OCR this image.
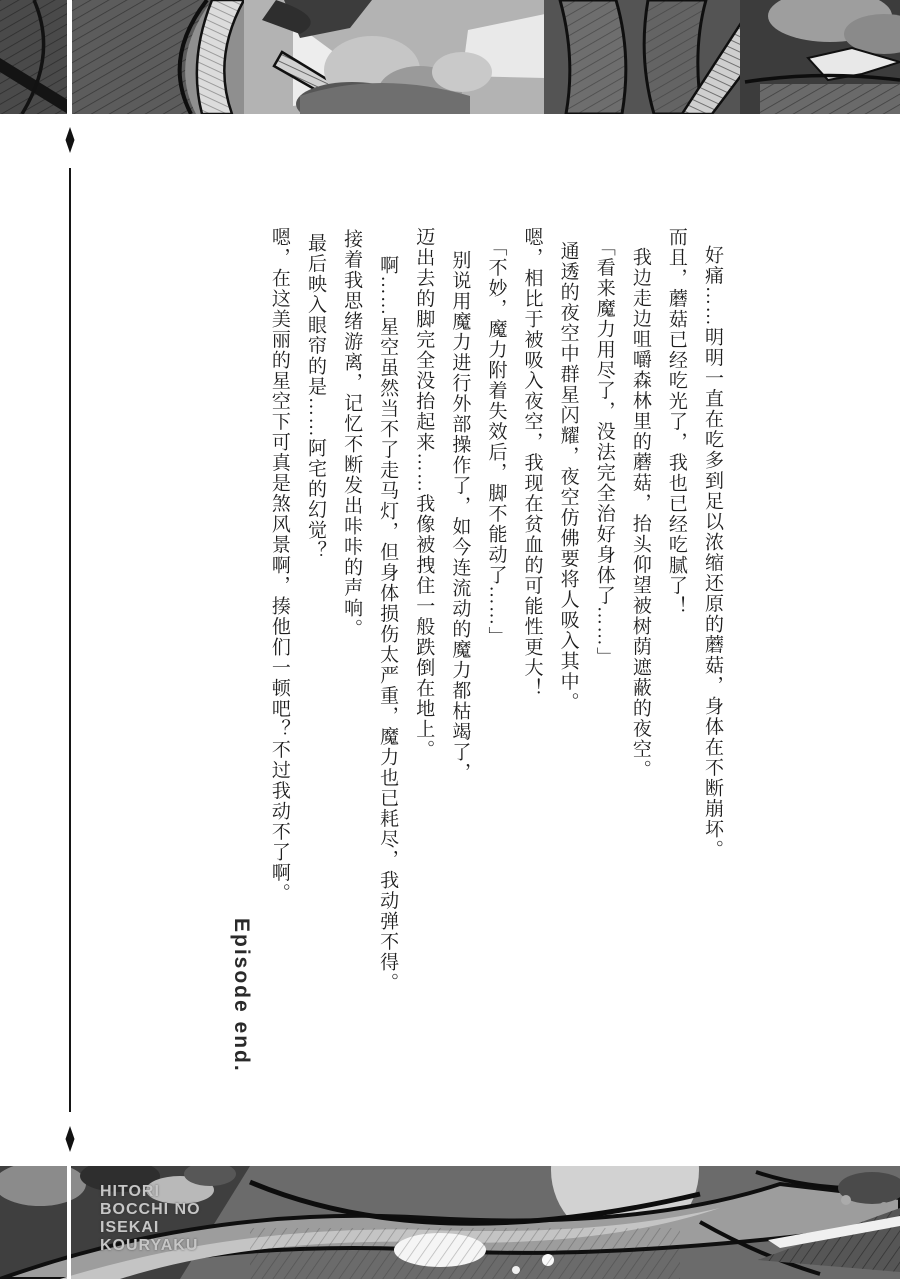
好痛……明明一直在吃多到足以浓缩还原的蘑菇，身体在不断崩坏。

而且，蘑菇已经吃光了，我也已经吃腻了！

我边走边咀嚼森林里的蘑菇，抬头仰望被树荫遮蔽的夜空。

「看来魔力用尽了，没法完全治好身体了……」

通透的夜空中群星闪耀，夜空仿佛要将人吸入其中。

嗯，相比于被吸入夜空，我现在贫血的可能性更大！

「不妙，魔力附着失效后，脚不能动了……」

别说用魔力进行外部操作了，如今连流动的魔力都枯竭了，

迈出去的脚完全没抬起来……我像被拽住一般跌倒在地上。

啊……星空虽然当不了走马灯，但身体损伤太严重，魔力也已耗尽，我动弹不得。

接着我思绪游离，记忆不断发出咔咔的声响。

最后映入眼帘的是……阿宅的幻觉？

嗯，在这美丽的星空下可真是煞风景啊，揍他们一顿吧？不过我动不了啊。

Episode end.

HITORI
BOCCHI NO
ISEKAI
KOURYAKU
